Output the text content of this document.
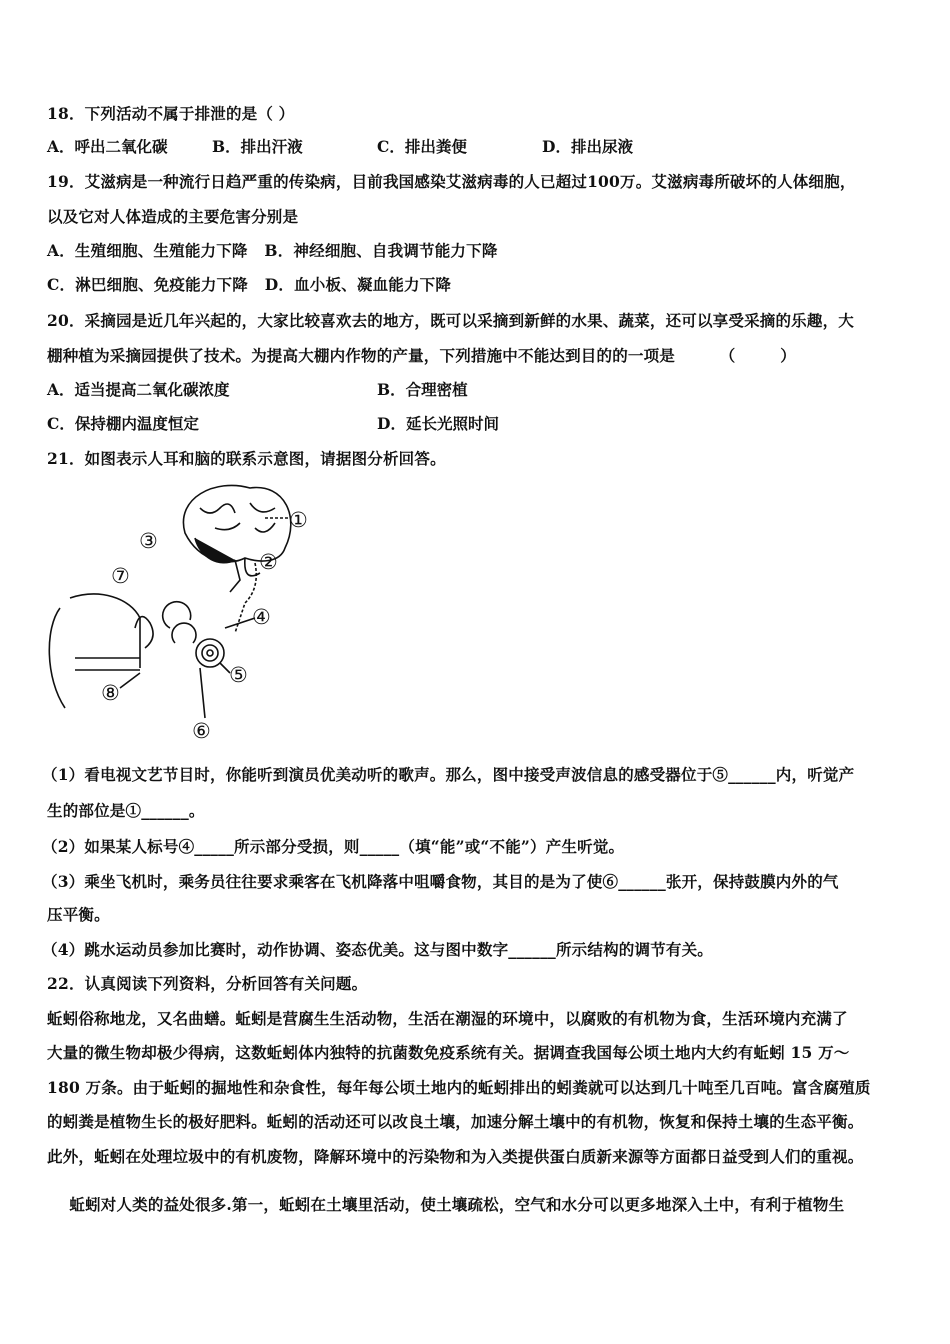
18．下列活动不属于排泄的是（ ）
A．呼出二氧化碳	B．排出汗液	C．排出粪便	D．排出尿液
19．艾滋病是一种流行日趋严重的传染病，目前我国感染艾滋病毒的人已超过100万。艾滋病毒所破坏的人体细胞，
以及它对人体造成的主要危害分别是
A．生殖细胞、生殖能力下降   B．神经细胞、自我调节能力下降
C．淋巴细胞、免疫能力下降   D．血小板、凝血能力下降
20．采摘园是近几年兴起的，大家比较喜欢去的地方，既可以采摘到新鲜的水果、蔬菜，还可以享受采摘的乐趣，大
棚种植为采摘园提供了技术。为提高大棚内作物的产量，下列措施中不能达到目的的一项是        （        ）
A．适当提高二氧化碳浓度	B．合理密植
C．保持棚内温度恒定	D．延长光照时间
21．如图表示人耳和脑的联系示意图，请据图分析回答。
①
②
③
④
⑤
⑥
⑦
⑧
（1）看电视文艺节目时，你能听到演员优美动听的歌声。那么，图中接受声波信息的感受器位于⑤______内，听觉产
生的部位是①______。
（2）如果某人标号④_____所示部分受损，则_____（填“能”或“不能”）产生听觉。
（3）乘坐飞机时，乘务员往往要求乘客在飞机降落中咀嚼食物，其目的是为了使⑥______张开，保持鼓膜内外的气
压平衡。
（4）跳水运动员参加比赛时，动作协调、姿态优美。这与图中数字______所示结构的调节有关。
22．认真阅读下列资料，分析回答有关问题。
蚯蚓俗称地龙，又名曲蟮。蚯蚓是营腐生生活动物，生活在潮湿的环境中，以腐败的有机物为食，生活环境内充满了
大量的微生物却极少得病，这数蚯蚓体内独特的抗菌数免疫系统有关。据调查我国每公顷土地内大约有蚯蚓 15 万～
180 万条。由于蚯蚓的掘地性和杂食性，每年每公顷土地内的蚯蚓排出的蚓粪就可以达到几十吨至几百吨。富含腐殖质
的蚓粪是植物生长的极好肥料。蚯蚓的活动还可以改良土壤，加速分解土壤中的有机物，恢复和保持土壤的生态平衡。
此外，蚯蚓在处理垃圾中的有机废物，降解环境中的污染物和为入类提供蛋白质新来源等方面都日益受到人们的重视。
蚯蚓对人类的益处很多.第一，蚯蚓在土壤里活动，使土壤疏松，空气和水分可以更多地深入土中，有利于植物生
